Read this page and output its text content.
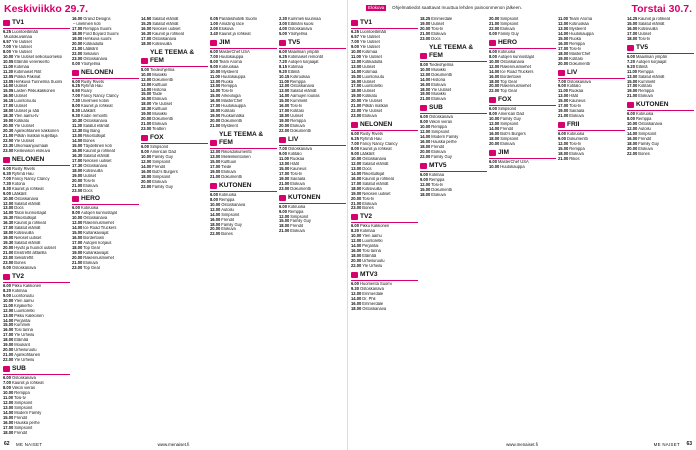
Keskiviikko 29.7.
TV1
6.25Luontoelämää
Muotokuvamaa
6.57Yle Uutiset
7.00Yle Uutiset
8.00Yle Uutiset
10.00Yle Uutiset selkosuomeksi
10.05Elämän verenkierto
11.00Kotimaa
11.30Kotimaiset Ritit
12.05Pokka Pakinat
13.05Hehkuva Tunnelma Suomi
14.00Uutiset
15.05Lasten Pikkukakkonen
16.00Uutiset
16.15Luontoruutu
17.00Uutiset
18.00Uutiset ja sää
18.30Ylen aamu-tv
19.00Kotikatu
20.00Yle Uutiset
20.30Ajankohtainen kakkonen
21.00Pitkän matkan kuljettaja
22.00Yle Uutiset
22.30Ulkomaanjournaali
23.00Keskiviikon elokuva
NELONEN
6.00Rusty Rivets
6.30Ryhmä Hau
7.00Fancy Nancy Clancy
7.30Kotona
8.30Kauniit ja rohkeat
9.00Lääkärit
10.00Ostoskanava
12.00Salatut elämät
13.00Docs
14.00Talon kunnostajat
15.30Rikostutkijat
16.30Kauniit ja rohkeat
17.00Salatut elämät
18.00Kotisivuilla
19.00Neloset uutiset
19.30Salatut elämät
20.00Hyvät ja huonot uutiset
21.00Ensitreffit alttarilla
22.00Seksitreffit
23.00Bones
0.00Ostoskanava
TV2
6.00Pikku Kakkonen
8.20Kotimaa
9.00Luontoruutu
10.00Ylen aamu
11.00Kirjakerho
12.00Luontoretki
13.00Pikku Kakkonen
14.00Perjantai
15.00Kummeli
16.00Tosi tarina
17.00Yle Urheilu
18.00Elämää
19.00Moukarit
20.00Urheiluruutu
21.00Ajankohtainen
22.00Yle Urheilu
SUB
6.00Ostoskanava
7.00Kauniit ja rohkeat
8.00Viikon vieras
10.00Remppa
11.00Tosi-tv
12.00Simpsonit
13.00Simpsonit
14.00Modern Family
15.00Frendit
16.00Hauska perhe
17.00Simpsonit
18.00Frendit
16.00Grand Designs
– unelmien koti
17.00Remppa Suomi
18.00Ford Boyard Suomi
19.00Hehkuva suomi
20.00Kotikadulla
21.00Lääkärit
22.00Sekaisin
23.00Ostoskanava
0.00Yöohjelma
NELONEN
6.00Rusty Rivets
6.25Ryhmä Hau
6.50Roary
7.00Fancy Nancy Clancy
7.30Unelmien kotiin
8.00Kauniit ja rohkeat
8.30Lääkärit
9.30Kodin remontti
10.30Ostoskanava
11.30Salatut elämät
12.30Big Bang
13.00Rikostutkijat
14.00Bones
15.00Täydellinen koti
16.00Kauniit ja rohkeat
16.30Salatut elämät
17.00Nelosen uutiset
17.30Ostoskanava
18.00Kotisivuilla
19.00Uutiset
20.00Tosi-tv
21.00Elokuva
23.00Docs
HERO
6.00Kotiruoka
8.00Autojen kunnostajat
10.00Ostoskanava
12.00Rakennusmiehet
14.00Ice Road Truckers
15.00Kullankaivajat
16.00Bordertown
17.00Autojen korjaus
18.00Top Gear
19.00Kullankaivajat
20.00Rakennusmiehet
21.00Elokuva
23.00Top Gear
14.50Salatut elämät
15.25Salatut elämät
16.00Nelosen uutiset
16.30Kauniit ja rohkeat
17.00Ostoskanava
18.00Kotisivuilla
YLE TEEMA & FEM
8.00Tiedeohjelma
10.00Musiikki
12.00Dokumentti
13.00Kulttuuri
14.00Historia
15.00Taide
16.00Elokuva
18.00Yle Uutiset
18.30Kulttuuri
19.00Musiikki
20.00Dokumentti
21.00Elokuva
23.00Teatteri
FOX
6.00Simpsonit
8.00American Dad
10.00Family Guy
12.00Simpsonit
14.00Frendit
16.00Bob's Burgers
18.00Simpsonit
20.00Elokuva
22.00Family Guy
0.05Paratiisihotelli Suomi
1.00Amazing race
2.00Elokuva
3.40Kauniit ja rohkeat
JIM
6.00MasterChef USA
7.00Huutokauppa
8.00Team Aroma
9.00Kotiruokaa
10.00Mysteerit
11.00Huutokauppa
12.00Ruoka
13.00Remppa
14.00Tosi-tv
15.00Arkeologia
16.00MasterChef
17.00Huutokauppa
18.00Kotitalo
19.00Ruokamatka
20.00Dokumentti
21.00Mysteerit
YLE TEEMA & FEM
12.00Rikosdokumentti
13.00Mielenkiintoinen
15.00Kulttuuri
17.00Tiede
19.00Elokuva
21.00Dokumentti
KUTONEN
6.00Kotiruoka
8.00Remppa
10.00Ostoskanava
12.00Autoilu
14.00Simpsonit
16.00Frendit
18.00Family Guy
20.00Elokuva
22.00Bones
2.30Kummeli kuunnaa
3.00Elämäni kuosi
4.00Ostoskanava
5.00Yöohjelma
TV5
6.00Maailman ympäri
6.25Kotimaiset remontit
7.20Autojen korjaajat
8.15Kotimaa
9.20Elämä
10.15Kotiruokaa
11.00Remppa
12.00Ostoskanava
13.00Salatut elämät
14.00Aamujen lounas
15.00Kummelit
16.00Tosi-tv
17.00Kotitalo
18.00Uutiset
19.00Remppa
20.00Elokuva
22.00Dokumentti
LIV
7.00Ostoskanava
9.00Kotitalo
11.00Ruokaa
13.00Häät
15.00Kauneus
17.00Tosi-tv
19.00Sairaala
21.00Elokuva
23.00Dokumentti
KUTONEN
6.00Kotiruoka
9.00Remppa
12.00Simpsonit
15.00Family Guy
18.00Frendit
21.00Elokuva
62 ME NAISET	www.menaiset.fi
Elokuva	Ohjelmatiedot saattavat muuttua lehden painoonmenon jälkeen.	Torstai 30.7.
TV1
6.25Luontoelämää
6.57Yle Uutiset
7.00Yle Uutiset
9.00Yle Uutiset
10.00Kotimaa
11.00Yle Uutiset
12.00Kotikadulla
13.00Uutiset
14.00Kotimaa
15.00Luontoruutu
16.00Uutiset
17.00Luontoretki
18.00Uutiset
19.00Kotikatu
20.00Yle Uutiset
21.00Pitkän matkan
22.00Yle Uutiset
23.00Elokuva
NELONEN
6.00Rusty Rivets
6.25Ryhmä Hau
7.00Fancy Nancy Clancy
8.00Kauniit ja rohkeat
9.00Lääkärit
10.00Ostoskanava
12.00Salatut elämät
13.00Docs
14.00Rikostutkijat
16.00Kauniit ja rohkeat
17.00Salatut elämät
18.00Kotisivuilla
19.00Nelosen uutiset
20.00Tosi-tv
21.00Elokuva
23.00Bones
TV2
6.00Pikku Kakkonen
8.20Kotimaa
10.00Ylen aamu
12.00Luontoretki
14.00Perjantai
16.00Tosi tarina
18.00Elämää
20.00Urheiluruutu
22.00Yle Urheilu
MTV3
6.00Huomenta Suomi
9.30Ostoskanava
12.00Emmerdale
14.00Dr. Phil
16.00Emmerdale
18.00Ostoskanava
18.25Emmerdale
19.00Uutiset
20.00Tosi-tv
21.00Elokuva
23.00Docs
YLE TEEMA & FEM
8.00Tiedeohjelma
10.00Musiikki
12.00Dokumentti
14.00Historia
16.00Elokuva
18.00Yle Uutiset
19.00Musiikki
21.00Elokuva
SUB
6.00Ostoskanava
8.00Viikon vieras
10.00Remppa
12.00Simpsonit
14.00Modern Family
16.00Hauska perhe
18.00Frendit
20.00Elokuva
22.00Family Guy
MTV5
6.00Kotimaa
9.00Remppa
12.00Tosi-tv
15.00Dokumentti
18.00Elokuva
20.00Simpsonit
21.00Simpsonit
22.00Elokuva
0.00Family Guy
HERO
6.00Kotiruoka
8.00Autojen kunnostajat
10.00Ostoskanava
12.00Rakennusmiehet
14.00Ice Road Truckers
16.00Bordertown
18.00Top Gear
20.00Rakennusmiehet
22.00Top Gear
FOX
6.00Simpsonit
8.00American Dad
10.00Family Guy
12.00Simpsonit
14.00Frendit
16.00Bob's Burgers
18.00Simpsonit
20.00Elokuva
JIM
6.00MasterChef USA
10.00Huutokauppa
11.00Team Aroma
12.00Kotiruokaa
13.00Mysteerit
14.00Huutokauppa
15.00Ruoka
16.00Remppa
17.00Tosi-tv
18.00MasterChef
19.00Kotitalo
20.00Dokumentti
LIV
7.00Ostoskanava
9.00Kotitalo
11.00Ruokaa
13.00Häät
15.00Kauneus
17.00Tosi-tv
19.00Sairaala
21.00Elokuva
FRII
6.00Kotiruoka
9.00Dokumentti
12.00Tosi-tv
15.00Remppa
18.00Elokuva
21.00Rikos
14.25Kauniit ja rohkeat
15.00Salatut elämät
16.00Kotisivuilla
17.00Uutiset
18.00Tosi-tv
TV5
6.00Maailman ympäri
7.20Autojen korjaajat
9.20Elämä
11.00Remppa
13.00Salatut elämät
15.00Kummelit
17.00Kotitalo
19.00Remppa
21.00Elokuva
KUTONEN
6.00Kotiruoka
8.00Remppa
10.00Ostoskanava
12.00Autoilu
14.00Simpsonit
16.00Frendit
18.00Family Guy
20.00Elokuva
22.00Bones
www.menaiset.fi	ME NAISET 63
